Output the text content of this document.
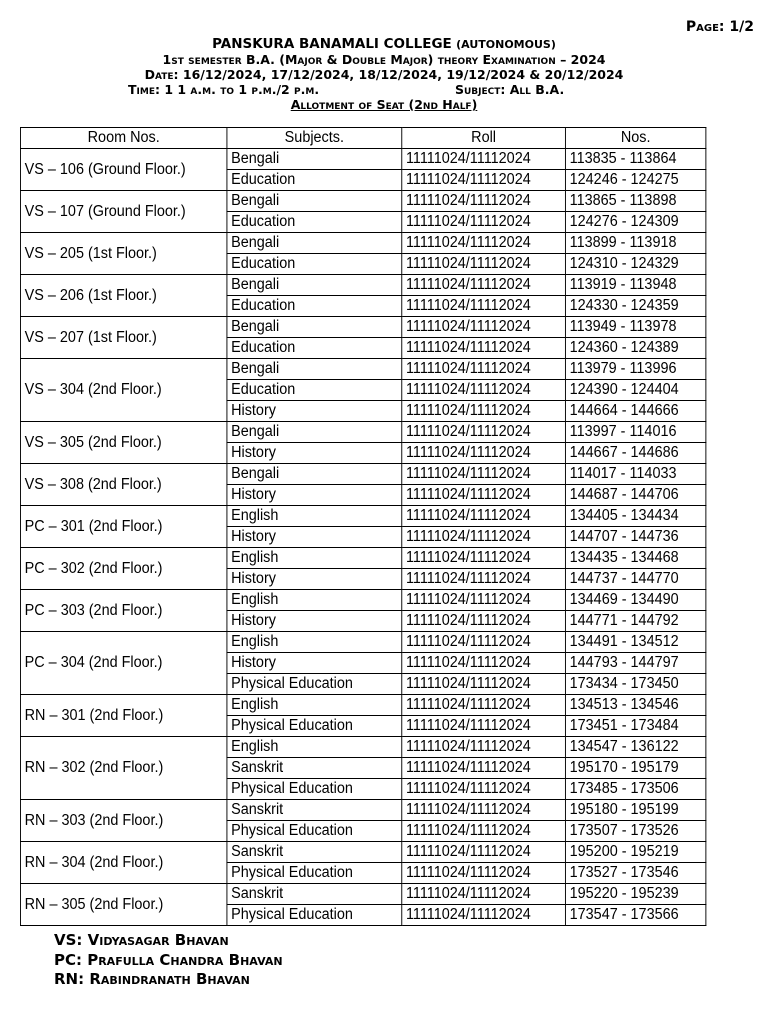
Page: 1/2
PANSKURA BANAMALI COLLEGE (AUTONOMOUS)
1st semester B.A. (Major & Double Major) theory Examination – 2024
Date: 16/12/2024, 17/12/2024, 18/12/2024, 19/12/2024 & 20/12/2024
Time: 1 1 a.m. to 1 p.m./2 p.m.	Subject: All B.A.
Allotment of Seat (2nd Half)
Room Nos.	Subjects.	Roll	Nos.
VS – 106 (Ground Floor.)	Bengali	11111024/11112024	113835 - 113864
	Education	11111024/11112024	124246 - 124275
VS – 107 (Ground Floor.)	Bengali	11111024/11112024	113865 - 113898
	Education	11111024/11112024	124276 - 124309
VS – 205 (1st Floor.)	Bengali	11111024/11112024	113899 - 113918
	Education	11111024/11112024	124310 - 124329
VS – 206 (1st Floor.)	Bengali	11111024/11112024	113919 - 113948
	Education	11111024/11112024	124330 - 124359
VS – 207 (1st Floor.)	Bengali	11111024/11112024	113949 - 113978
	Education	11111024/11112024	124360 - 124389
VS – 304 (2nd Floor.)	Bengali	11111024/11112024	113979 - 113996
	Education	11111024/11112024	124390 - 124404
	History	11111024/11112024	144664 - 144666
VS – 305 (2nd Floor.)	Bengali	11111024/11112024	113997 - 114016
	History	11111024/11112024	144667 - 144686
VS – 308 (2nd Floor.)	Bengali	11111024/11112024	114017 - 114033
	History	11111024/11112024	144687 - 144706
PC – 301 (2nd Floor.)	English	11111024/11112024	134405 - 134434
	History	11111024/11112024	144707 - 144736
PC – 302 (2nd Floor.)	English	11111024/11112024	134435 - 134468
	History	11111024/11112024	144737 - 144770
PC – 303 (2nd Floor.)	English	11111024/11112024	134469 - 134490
	History	11111024/11112024	144771 - 144792
PC – 304 (2nd Floor.)	English	11111024/11112024	134491 - 134512
	History	11111024/11112024	144793 - 144797
	Physical Education	11111024/11112024	173434 - 173450
RN – 301 (2nd Floor.)	English	11111024/11112024	134513 - 134546
	Physical Education	11111024/11112024	173451 - 173484
RN – 302 (2nd Floor.)	English	11111024/11112024	134547 - 136122
	Sanskrit	11111024/11112024	195170 - 195179
	Physical Education	11111024/11112024	173485 - 173506
RN – 303 (2nd Floor.)	Sanskrit	11111024/11112024	195180 - 195199
	Physical Education	11111024/11112024	173507 - 173526
RN – 304 (2nd Floor.)	Sanskrit	11111024/11112024	195200 - 195219
	Physical Education	11111024/11112024	173527 - 173546
RN – 305 (2nd Floor.)	Sanskrit	11111024/11112024	195220 - 195239
	Physical Education	11111024/11112024	173547 - 173566
VS: Vidyasagar Bhavan
PC: Prafulla Chandra Bhavan
RN: Rabindranath Bhavan
